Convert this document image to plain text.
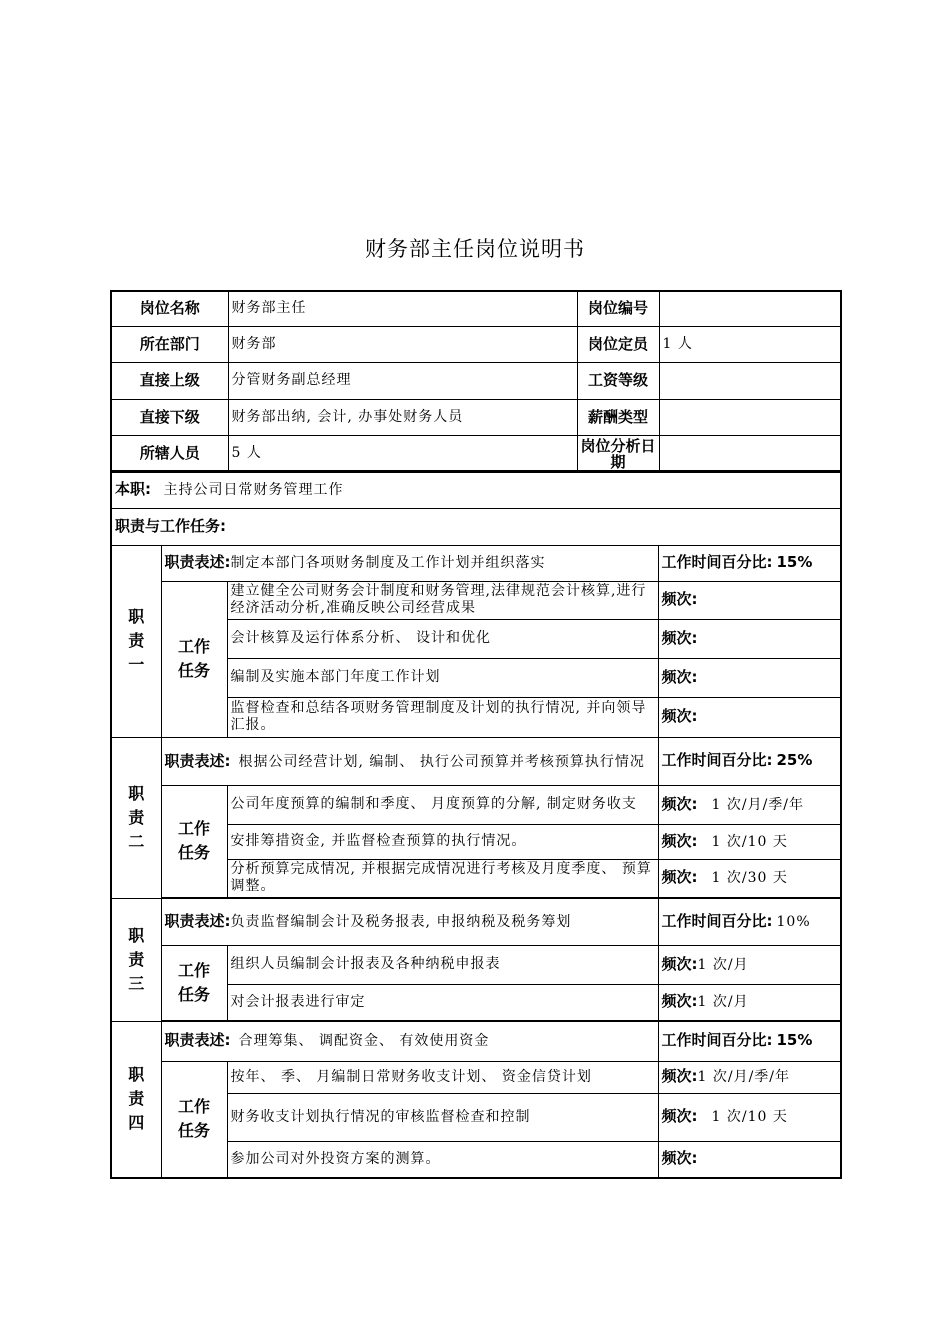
财务部主任岗位说明书
岗位名称	财务部主任	岗位编号	
所在部门	财务部	岗位定员	1 人
直接上级	分管财务副总经理	工资等级	
直接下级	财务部出纳, 会计, 办事处财务人员	薪酬类型	
所辖人员	5 人	岗位分析日期	
本职: 主持公司日常财务管理工作			
职责与工作任务:			
职责一	职责表述:制定本部门各项财务制度及工作计划并组织落实		工作时间百分比: 15%
	工作任务	建立健全公司财务会计制度和财务管理,法律规范会计核算,进行经济活动分析,准确反映公司经营成果	频次:
		会计核算及运行体系分析、 设计和优化	频次:
		编制及实施本部门年度工作计划	频次:
		监督检查和总结各项财务管理制度及计划的执行情况, 并向领导汇报。	频次:
职责二	职责表述: 根据公司经营计划, 编制、 执行公司预算并考核预算执行情况		工作时间百分比: 25%
	工作任务	公司年度预算的编制和季度、 月度预算的分解, 制定财务收支	频次: 1 次/月/季/年
		安排筹措资金, 并监督检查预算的执行情况。	频次: 1 次/10 天
		分析预算完成情况, 并根据完成情况进行考核及月度季度、 预算调整。	频次: 1 次/30 天
职责三	职责表述:负责监督编制会计及税务报表, 申报纳税及税务筹划		工作时间百分比: 10%
	工作任务	组织人员编制会计报表及各种纳税申报表	频次:1 次/月
		对会计报表进行审定	频次:1 次/月
职责四	职责表述: 合理筹集、 调配资金、 有效使用资金		工作时间百分比: 15%
	工作任务	按年、 季、 月编制日常财务收支计划、 资金信贷计划	频次:1 次/月/季/年
		财务收支计划执行情况的审核监督检查和控制	频次: 1 次/10 天
		参加公司对外投资方案的测算。	频次:
